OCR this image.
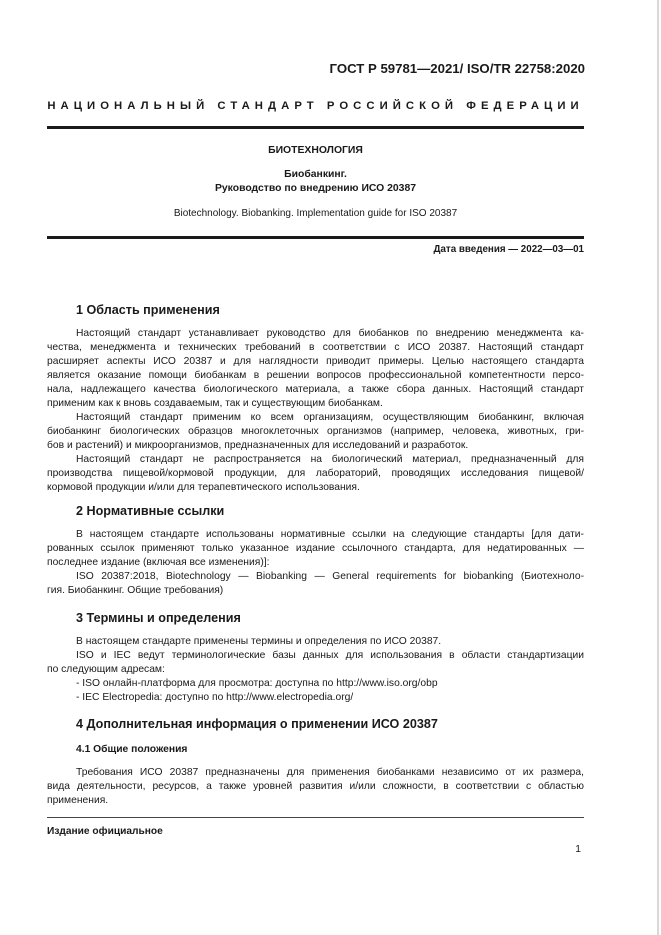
ГОСТ Р 59781—2021/ ISO/TR 22758:2020
НАЦИОНАЛЬНЫЙ СТАНДАРТ РОССИЙСКОЙ ФЕДЕРАЦИИ
БИОТЕХНОЛОГИЯ
Биобанкинг.
Руководство по внедрению ИСО 20387
Biotechnology. Biobanking. Implementation guide for ISO 20387
Дата введения — 2022—03—01
1 Область применения
Настоящий стандарт устанавливает руководство для биобанков по внедрению менеджмента ка-
чества, менеджмента и технических требований в соответствии с ИСО 20387. Настоящий стандарт
расширяет аспекты ИСО 20387 и для наглядности приводит примеры. Целью настоящего стандарта
является оказание помощи биобанкам в решении вопросов профессиональной компетентности персо-
нала, надлежащего качества биологического материала, а также сбора данных. Настоящий стандарт
применим как к вновь создаваемым, так и существующим биобанкам.
Настоящий стандарт применим ко всем организациям, осуществляющим биобанкинг, включая
биобанкинг биологических образцов многоклеточных организмов (например, человека, животных, гри-
бов и растений) и микроорганизмов, предназначенных для исследований и разработок.
Настоящий стандарт не распространяется на биологический материал, предназначенный для
производства пищевой/кормовой продукции, для лабораторий, проводящих исследования пищевой/
кормовой продукции и/или для терапевтического использования.
2 Нормативные ссылки
В настоящем стандарте использованы нормативные ссылки на следующие стандарты [для дати-
рованных ссылок применяют только указанное издание ссылочного стандарта, для недатированных —
последнее издание (включая все изменения)]:
ISO 20387:2018, Biotechnology — Biobanking — General requirements for biobanking (Биотехноло-
гия. Биобанкинг. Общие требования)
3 Термины и определения
В настоящем стандарте применены термины и определения по ИСО 20387.
ISO и IEC ведут терминологические базы данных для использования в области стандартизации
по следующим адресам:
- ISO онлайн-платформа для просмотра: доступна по http://www.iso.org/obp
- IEC Electropedia: доступно по http://www.electropedia.org/
4 Дополнительная информация о применении ИСО 20387
4.1 Общие положения
Требования ИСО 20387 предназначены для применения биобанками независимо от их размера,
вида деятельности, ресурсов, а также уровней развития и/или сложности, в соответствии с областью
применения.
Издание официальное
1
